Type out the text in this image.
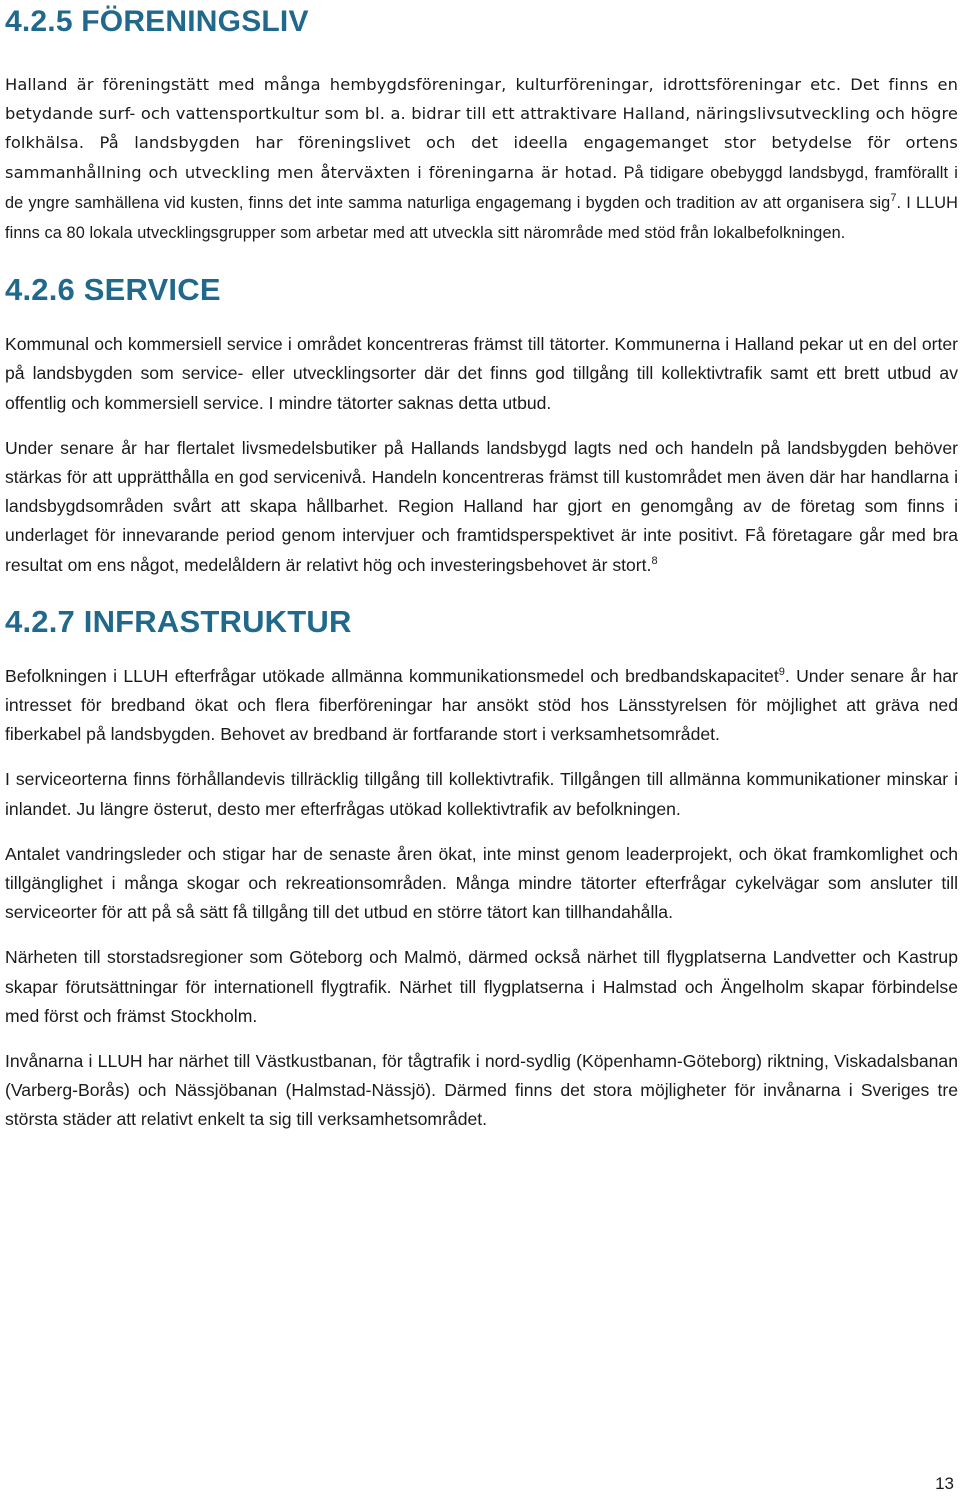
4.2.5 FÖRENINGSLIV

Halland är föreningstätt med många hembygdsföreningar, kulturföreningar, idrottsföreningar etc. Det finns en betydande surf- och vattensportkultur som bl. a. bidrar till ett attraktivare Halland, näringslivsutveckling och högre folkhälsa. På landsbygden har föreningslivet och det ideella engagemanget stor betydelse för ortens sammanhållning och utveckling men återväxten i föreningarna är hotad. På tidigare obebyggd landsbygd, framförallt i de yngre samhällena vid kusten, finns det inte samma naturliga engagemang i bygden och tradition av att organisera sig$^7$. I LLUH finns ca 80 lokala utvecklingsgrupper som arbetar med att utveckla sitt närområde med stöd från lokalbefolkningen.

4.2.6 SERVICE

Kommunal och kommersiell service i området koncentreras främst till tätorter. Kommunerna i Halland pekar ut en del orter på landsbygden som service- eller utvecklingsorter där det finns god tillgång till kollektivtrafik samt ett brett utbud av offentlig och kommersiell service. I mindre tätorter saknas detta utbud.

Under senare år har flertalet livsmedelsbutiker på Hallands landsbygd lagts ned och handeln på landsbygden behöver stärkas för att upprätthålla en god servicenivå. Handeln koncentreras främst till kustområdet men även där har handlarna i landsbygdsområden svårt att skapa hållbarhet. Region Halland har gjort en genomgång av de företag som finns i underlaget för innevarande period genom intervjuer och framtidsperspektivet är inte positivt. Få företagare går med bra resultat om ens något, medelåldern är relativt hög och investeringsbehovet är stort.$^8$

4.2.7 INFRASTRUKTUR

Befolkningen i LLUH efterfrågar utökade allmänna kommunikationsmedel och bredbandskapacitet$^9$. Under senare år har intresset för bredband ökat och flera fiberföreningar har ansökt stöd hos Länsstyrelsen för möjlighet att gräva ned fiberkabel på landsbygden. Behovet av bredband är fortfarande stort i verksamhetsområdet.

I serviceorterna finns förhållandevis tillräcklig tillgång till kollektivtrafik. Tillgången till allmänna kommunikationer minskar i inlandet. Ju längre österut, desto mer efterfrågas utökad kollektivtrafik av befolkningen.

Antalet vandringsleder och stigar har de senaste åren ökat, inte minst genom leaderprojekt, och ökat framkomlighet och tillgänglighet i många skogar och rekreationsområden. Många mindre tätorter efterfrågar cykelvägar som ansluter till serviceorter för att på så sätt få tillgång till det utbud en större tätort kan tillhandahålla.

Närheten till storstadsregioner som Göteborg och Malmö, därmed också närhet till flygplatserna Landvetter och Kastrup skapar förutsättningar för internationell flygtrafik. Närhet till flygplatserna i Halmstad och Ängelholm skapar förbindelse med först och främst Stockholm.

Invånarna i LLUH har närhet till Västkustbanan, för tågtrafik i nord-sydlig (Köpenhamn-Göteborg) riktning, Viskadalsbanan (Varberg-Borås) och Nässjöbanan (Halmstad-Nässjö). Därmed finns det stora möjligheter för invånarna i Sveriges tre största städer att relativt enkelt ta sig till verksamhetsområdet.

13
